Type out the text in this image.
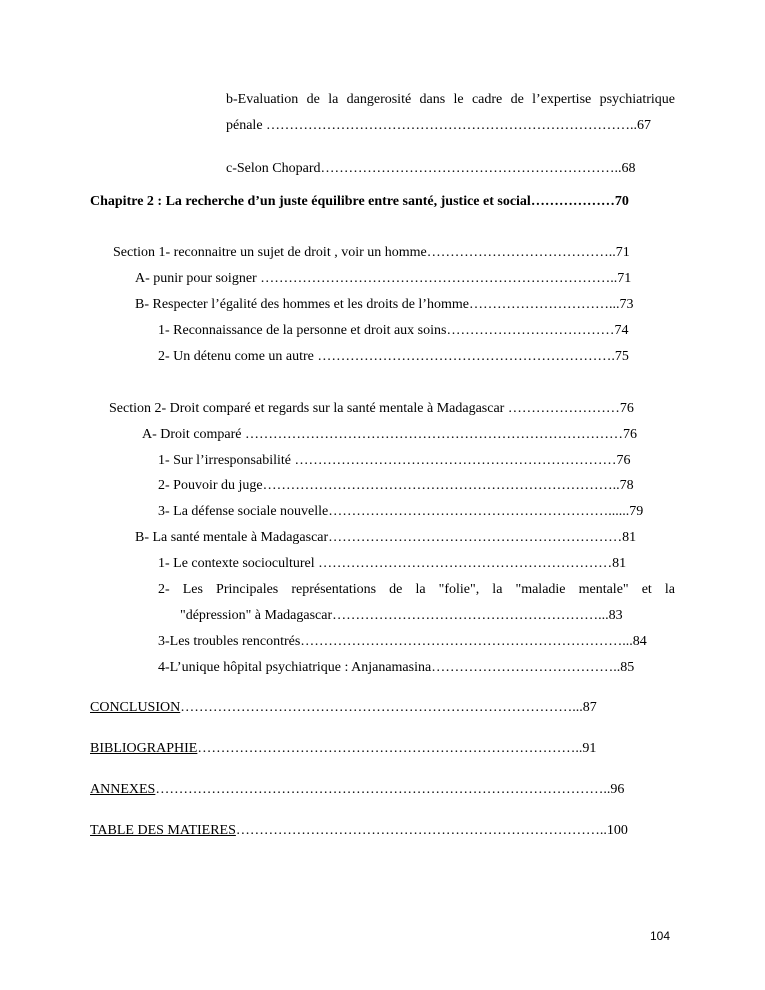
b-Evaluation de la dangerosité dans le cadre de l’expertise psychiatrique
pénale ……………………………………………………………………..67
c-Selon Chopard………………………………………………………..68
Chapitre 2 : La recherche d’un juste équilibre entre santé, justice et social………………70
Section 1- reconnaitre un sujet de droit , voir un homme…………………………………..71
A- punir pour soigner …………………………………………………………………..71
B- Respecter l’égalité des hommes et les droits de l’homme…………………………...73
1- Reconnaissance de la personne et droit aux soins………………………………74
2- Un détenu come un autre ……………………………………………………….75
Section 2- Droit comparé et regards sur la santé mentale à Madagascar ……………………76
A- Droit comparé ………………………………………………………………………76
1- Sur l’irresponsabilité ……………………………………………………………76
2- Pouvoir du juge…………………………………………………………………..78
3- La défense sociale nouvelle……………………………………………………......79
B- La santé mentale à Madagascar………………………………………………………81
1- Le contexte socioculturel ………………………………………………………81
2- Les Principales représentations de la "folie", la "maladie mentale" et la
"dépression" à Madagascar…………………………………………………...83
3-Les troubles rencontrés……………………………………………………………...84
4-L’unique hôpital psychiatrique : Anjanamasina…………………………………..85
CONCLUSION…………………………………………………………………………...87
BIBLIOGRAPHIE………………………………………………………………………..91
ANNEXES……………………………………………………………………………………..96
TABLE DES MATIERES……………………………………………………………………..100
104
